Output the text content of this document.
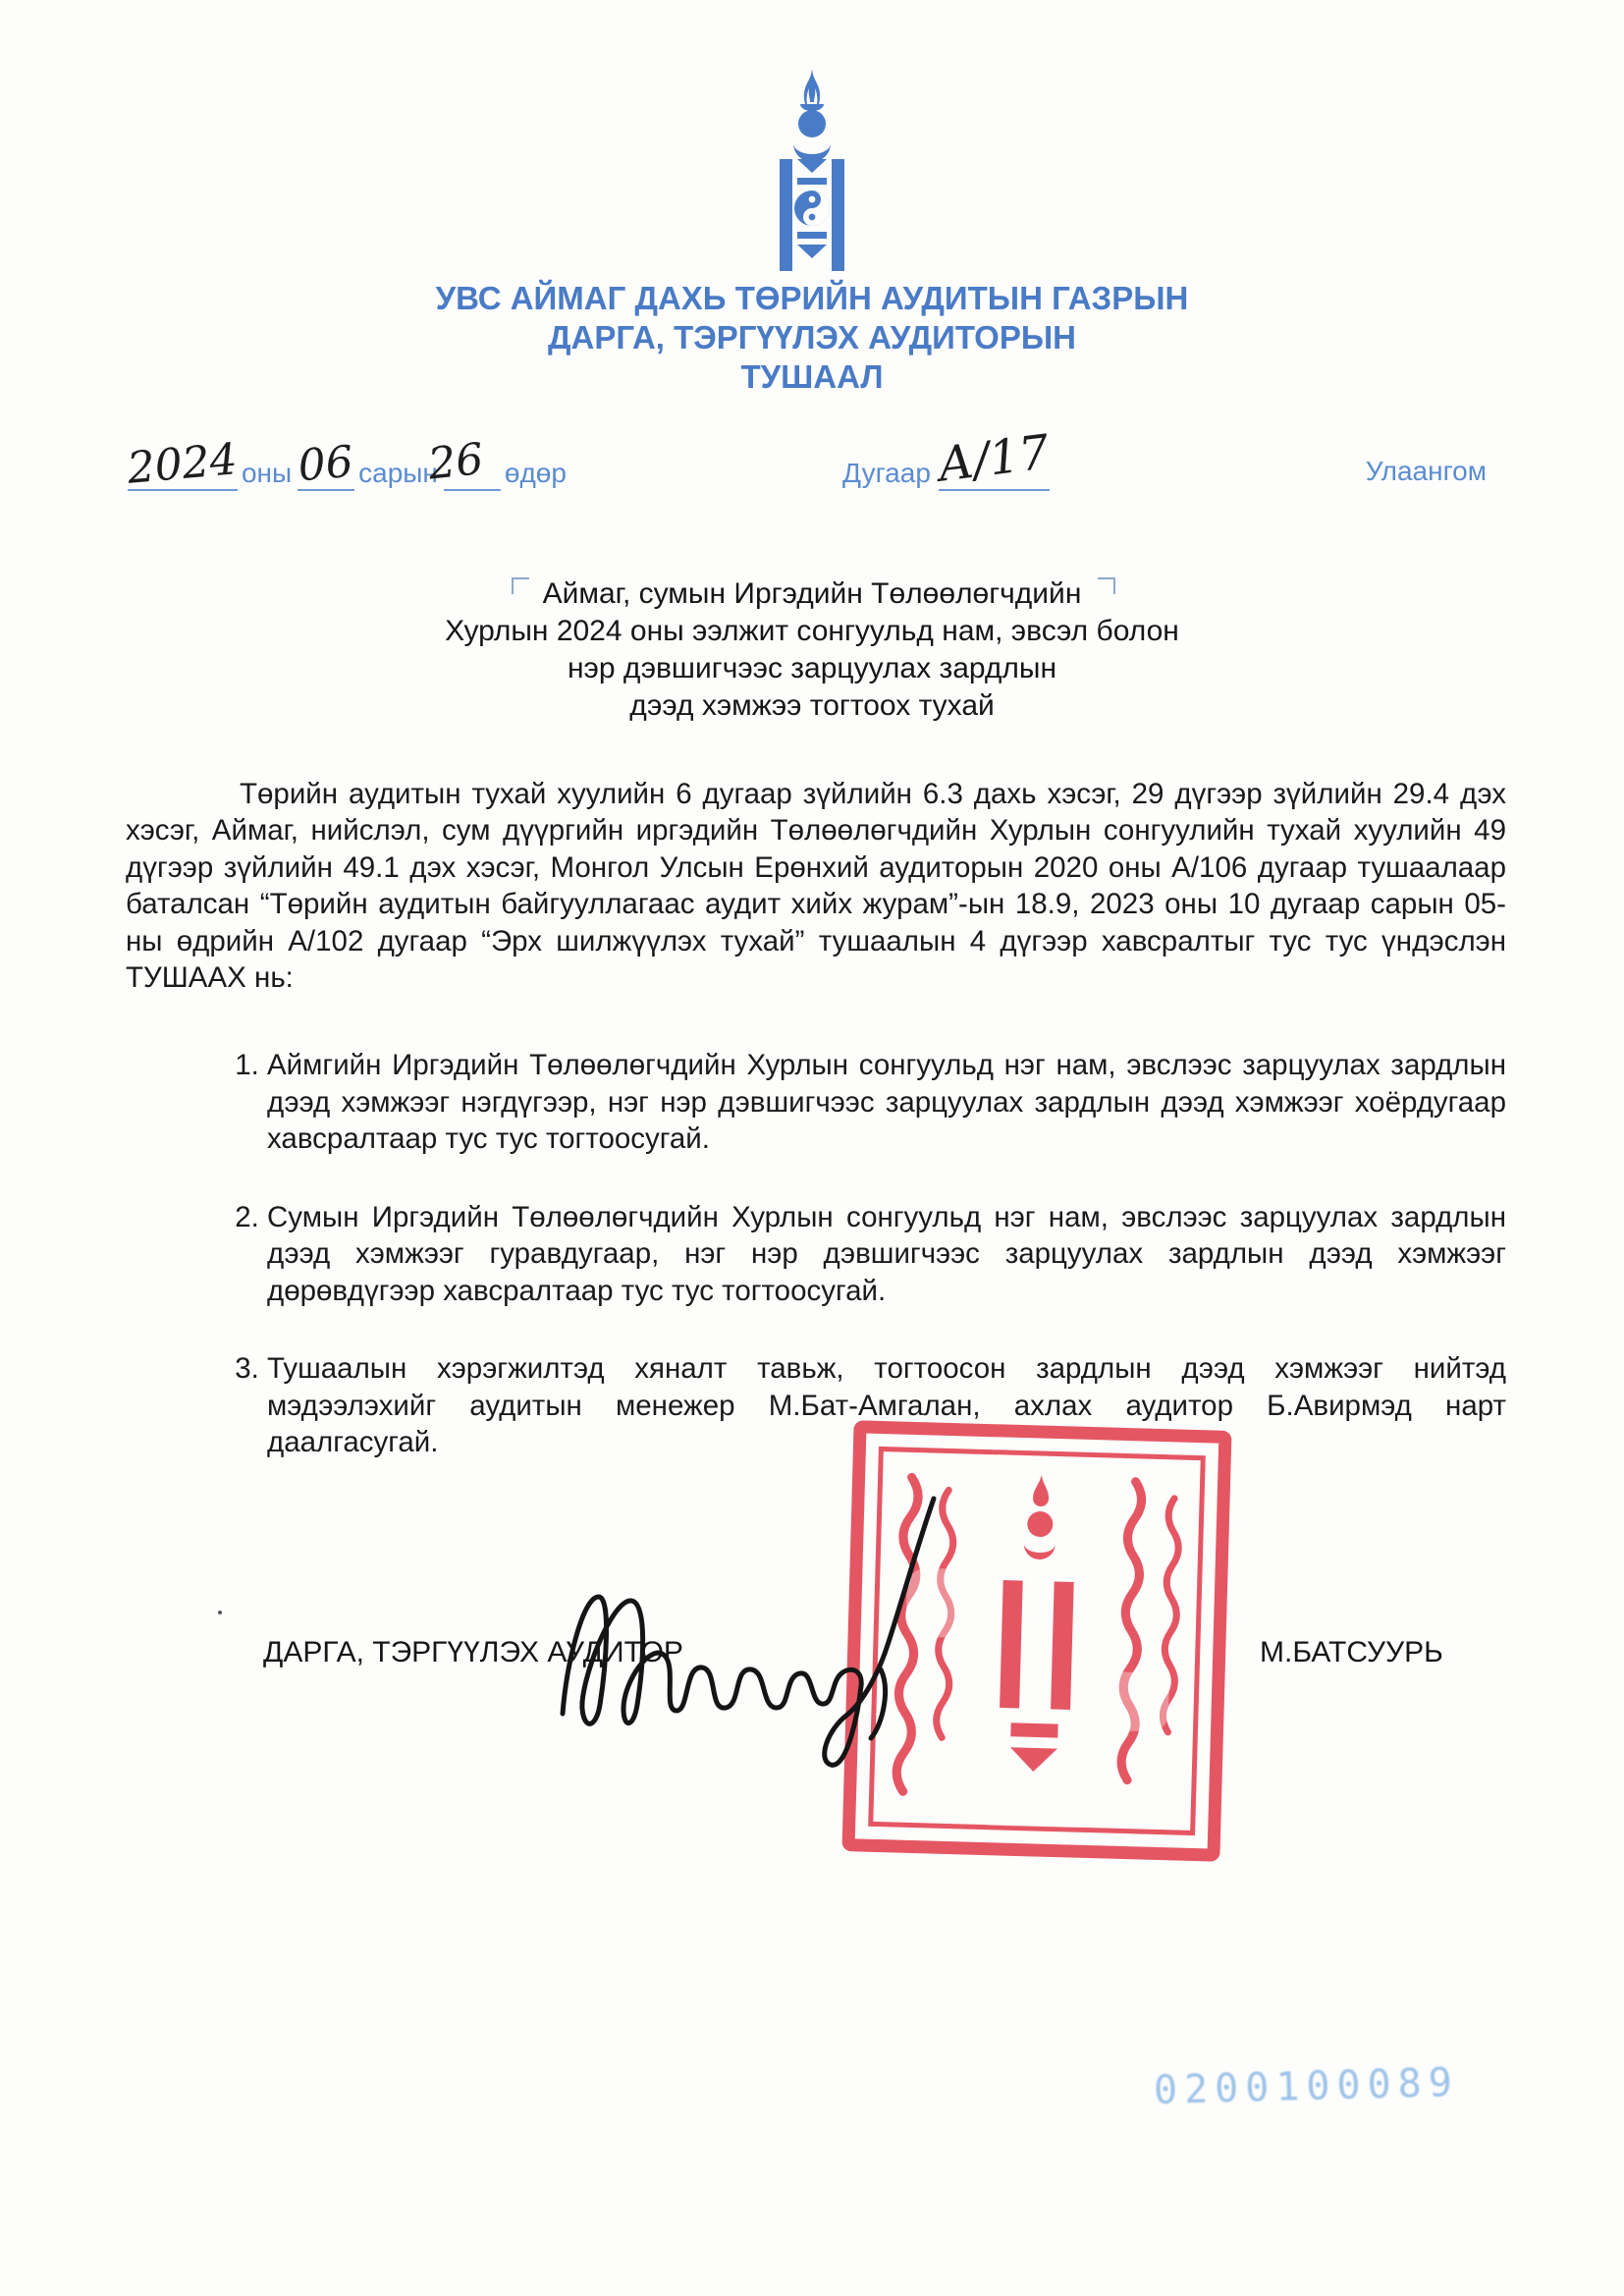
УВС АЙМАГ ДАХЬ ТӨРИЙН АУДИТЫН ГАЗРЫН
ДАРГА, ТЭРГҮҮЛЭХ АУДИТОРЫН
ТУШААЛ
2024оны 06 сарын26 өдөр	Дугаар А/17	Улаангом
Аймаг, сумын Иргэдийн Төлөөлөгчдийн
Хурлын 2024 оны ээлжит сонгуульд нам, эвсэл болон
нэр дэвшигчээс зарцуулах зардлын
дээд хэмжээ тогтоох тухай

Төрийн аудитын тухай хуулийн 6 дугаар зүйлийн 6.3 дахь хэсэг, 29 дүгээр зүйлийн 29.4 дэх хэсэг, Аймаг, нийслэл, сум дүүргийн иргэдийн Төлөөлөгчдийн Хурлын сонгуулийн тухай хуулийн 49 дүгээр зүйлийн 49.1 дэх хэсэг, Монгол Улсын Ерөнхий аудиторын 2020 оны А/106 дугаар тушаалаар баталсан “Төрийн аудитын байгууллагаас аудит хийх журам”-ын 18.9, 2023 оны 10 дугаар сарын 05-ны өдрийн А/102 дугаар “Эрх шилжүүлэх тухай” тушаалын 4 дүгээр хавсралтыг тус тус үндэслэн ТУШААХ нь:

1. Аймгийн Иргэдийн Төлөөлөгчдийн Хурлын сонгуульд нэг нам, эвслээс зарцуулах зардлын дээд хэмжээг нэгдүгээр, нэг нэр дэвшигчээс зарцуулах зардлын дээд хэмжээг хоёрдугаар хавсралтаар тус тус тогтоосугай.
2. Сумын Иргэдийн Төлөөлөгчдийн Хурлын сонгуульд нэг нам, эвслээс зарцуулах зардлын дээд хэмжээг гуравдугаар, нэг нэр дэвшигчээс зарцуулах зардлын дээд хэмжээг дөрөвдүгээр хавсралтаар тус тус тогтоосугай.
3. Тушаалын хэрэгжилтэд хяналт тавьж, тогтоосон зардлын дээд хэмжээг нийтэд мэдээлэхийг аудитын менежер М.Бат-Амгалан, ахлах аудитор Б.Авирмэд нарт даалгасугай.
ДАРГА, ТЭРГҮҮЛЭХ АУДИТОР	М.БАТСУУРЬ
0200100089
